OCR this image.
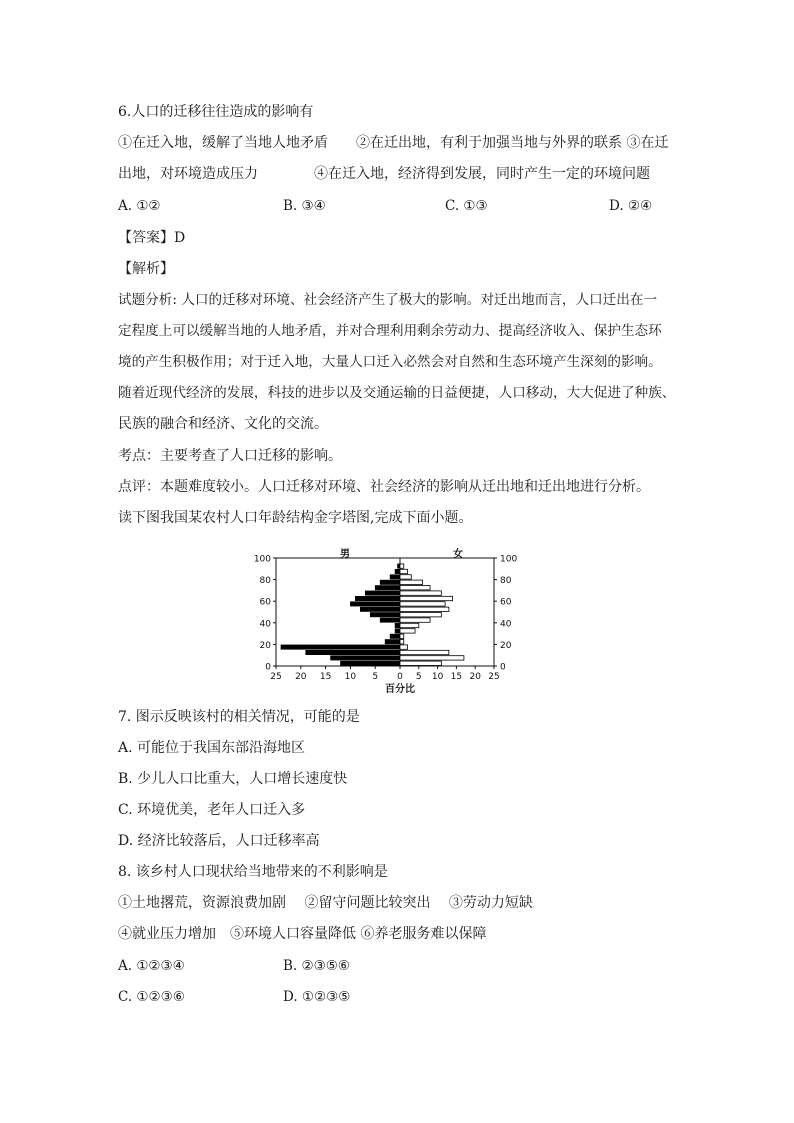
6.人口的迁移往往造成的影响有
①在迁入地，缓解了当地人地矛盾　　②在迁出地，有利于加强当地与外界的联系 ③在迁
出地，对环境造成压力　　　　④在迁入地，经济得到发展，同时产生一定的环境问题
A. ①②	B. ③④	C. ①③	D. ②④
【答案】D
【解析】
试题分析: 人口的迁移对环境、社会经济产生了极大的影响。对迁出地而言，人口迁出在一
定程度上可以缓解当地的人地矛盾，并对合理利用剩余劳动力、提高经济收入、保护生态环
境的产生积极作用；对于迁入地，大量人口迁入必然会对自然和生态环境产生深刻的影响。
随着近现代经济的发展，科技的进步以及交通运输的日益便捷，人口移动，大大促进了种族、
民族的融合和经济、文化的交流。
考点：主要考查了人口迁移的影响。
点评：本题难度较小。人口迁移对环境、社会经济的影响从迁出地和迁出地进行分析。
读下图我国某农村人口年龄结构金字塔图,完成下面小题。
0	0
20	20
40	40
60	60
80	80
100	100
25 20 15 10 5 0 5 10 15 20 25
男	女
百分比
7. 图示反映该村的相关情况，可能的是
A. 可能位于我国东部沿海地区
B. 少儿人口比重大，人口增长速度快
C. 环境优美，老年人口迁入多
D. 经济比较落后，人口迁移率高
8. 该乡村人口现状给当地带来的不利影响是
①土地撂荒，资源浪费加剧　 ②留守问题比较突出　 ③劳动力短缺
④就业压力增加　⑤环境人口容量降低 ⑥养老服务难以保障
A. ①②③④	B. ②③⑤⑥
C. ①②③⑥	D. ①②③⑤
